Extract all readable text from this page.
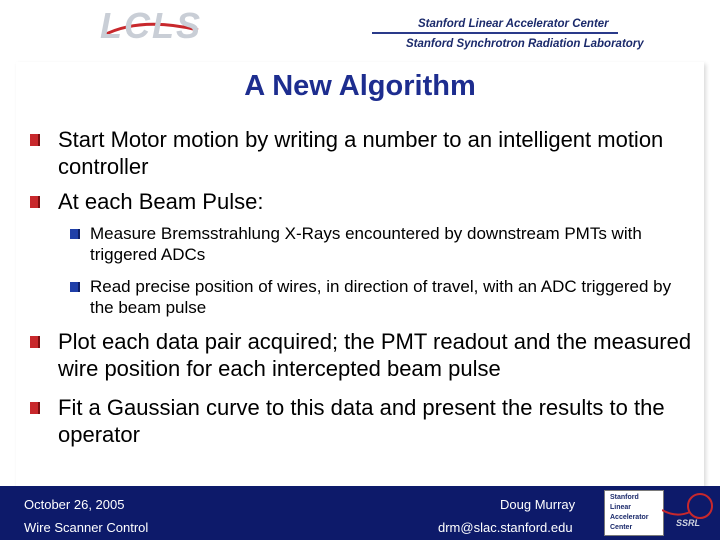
LCLS	Stanford Linear Accelerator Center
Stanford Synchrotron Radiation Laboratory
A New Algorithm
Start Motor motion by writing a number to an intelligent motion controller
At each Beam Pulse:
Measure Bremsstrahlung X-Rays encountered by downstream PMTs with triggered ADCs
Read precise position of wires, in direction of travel, with an ADC triggered by the beam pulse
Plot each data pair acquired; the PMT readout and the measured wire position for each intercepted beam pulse
Fit a Gaussian curve to this data and present the results to the operator
October 26, 2005
Wire Scanner Control
Doug Murray
drm@slac.stanford.edu
Stanford
Linear
Accelerator
Center	SSRL
